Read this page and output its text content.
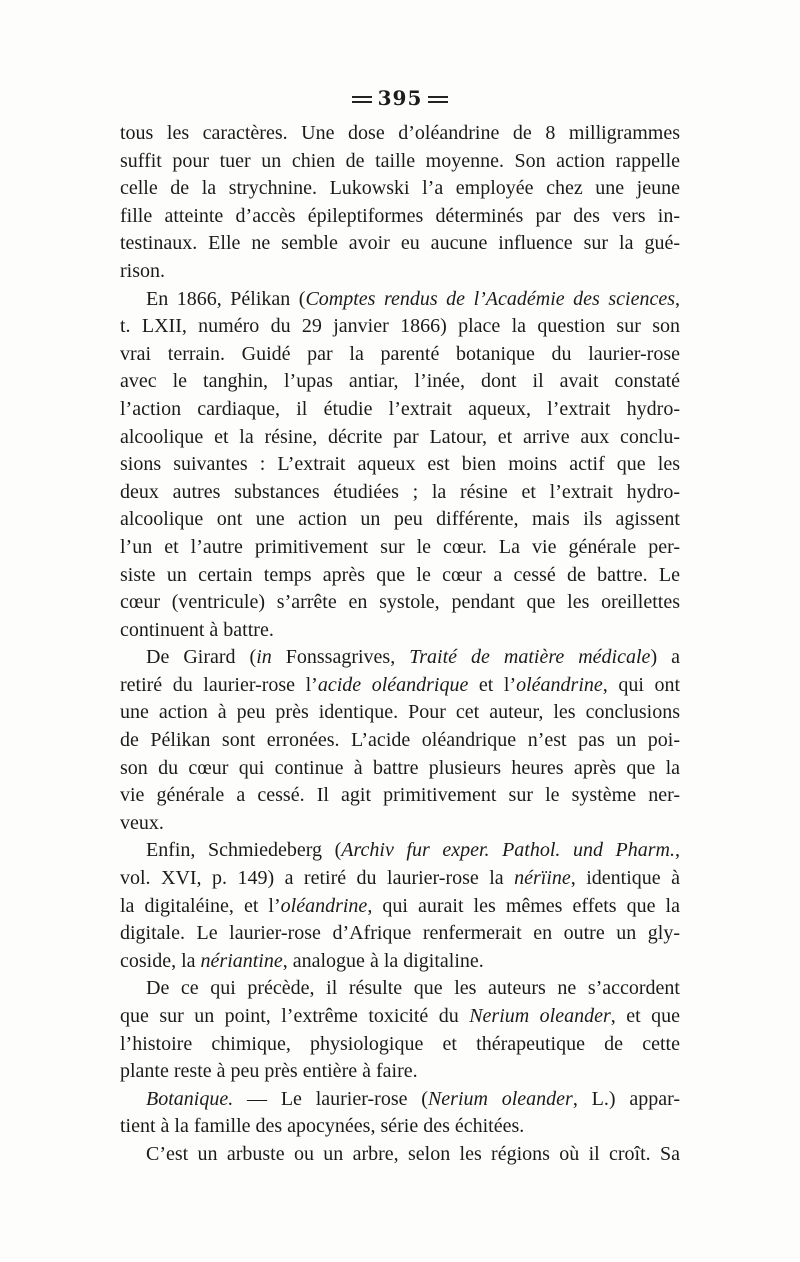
395
tous les caractères. Une dose d’oléandrine de 8 milligrammes
suffit pour tuer un chien de taille moyenne. Son action rappelle
celle de la strychnine. Lukowski l’a employée chez une jeune
fille atteinte d’accès épileptiformes déterminés par des vers in-
testinaux. Elle ne semble avoir eu aucune influence sur la gué-
rison.
En 1866, Pélikan (Comptes rendus de l’Académie des sciences,
t. LXII, numéro du 29 janvier 1866) place la question sur son
vrai terrain. Guidé par la parenté botanique du laurier-rose
avec le tanghin, l’upas antiar, l’inée, dont il avait constaté
l’action cardiaque, il étudie l’extrait aqueux, l’extrait hydro-
alcoolique et la résine, décrite par Latour, et arrive aux conclu-
sions suivantes : L’extrait aqueux est bien moins actif que les
deux autres substances étudiées ; la résine et l’extrait hydro-
alcoolique ont une action un peu différente, mais ils agissent
l’un et l’autre primitivement sur le cœur. La vie générale per-
siste un certain temps après que le cœur a cessé de battre. Le
cœur (ventricule) s’arrête en systole, pendant que les oreillettes
continuent à battre.
De Girard (in Fonssagrives, Traité de matière médicale) a
retiré du laurier-rose l’acide oléandrique et l’oléandrine, qui ont
une action à peu près identique. Pour cet auteur, les conclusions
de Pélikan sont erronées. L’acide oléandrique n’est pas un poi-
son du cœur qui continue à battre plusieurs heures après que la
vie générale a cessé. Il agit primitivement sur le système ner-
veux.
Enfin, Schmiedeberg (Archiv fur exper. Pathol. und Pharm.,
vol. XVI, p. 149) a retiré du laurier-rose la nérïine, identique à
la digitaléine, et l’oléandrine, qui aurait les mêmes effets que la
digitale. Le laurier-rose d’Afrique renfermerait en outre un gly-
coside, la nériantine, analogue à la digitaline.
De ce qui précède, il résulte que les auteurs ne s’accordent
que sur un point, l’extrême toxicité du Nerium oleander, et que
l’histoire chimique, physiologique et thérapeutique de cette
plante reste à peu près entière à faire.
Botanique. — Le laurier-rose (Nerium oleander, L.) appar-
tient à la famille des apocynées, série des échitées.
C’est un arbuste ou un arbre, selon les régions où il croît. Sa
